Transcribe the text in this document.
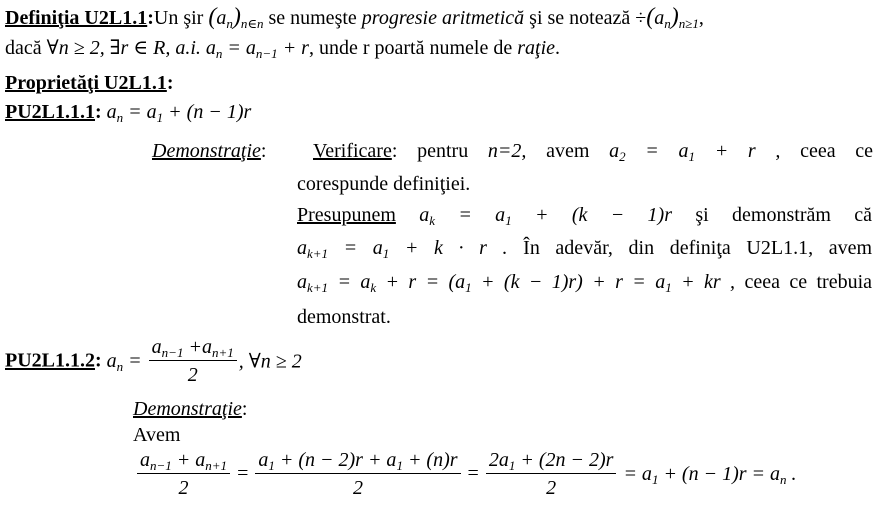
Definiţia U2L1.1:Un şir $(a_n)_{n\in n}$ se numeşte progresie aritmetică şi se notează $\div(a_n)_{n\ge 1}$,
dacă ∀n ≥ 2, ∃r ∈ R, a.i. $a_n = a_{n-1} + r$, unde r poartă numele de raţie.
Proprietăţi U2L1.1:
PU2L1.1.1: $a_n = a_1 + (n - 1)r$
Demonstraţie: Verificare: pentru n=2, avem $a_2 = a_1 + r$ , ceea ce
corespunde definiţiei.
Presupunem $a_k = a_1 + (k - 1)r$ şi demonstrăm că
$a_{k+1} = a_1 + k \cdot r$ . În adevăr, din definiţa U2L1.1, avem
$a_{k+1} = a_k + r = (a_1 + (k - 1)r) + r = a_1$ + kr , ceea ce trebuia
demonstrat.
PU2L1.1.2: $a_n = \frac{a_{n-1} +a_{n+1}}{2}$ , ∀n ≥ 2
Demonstraţie:
Avem
$\frac{a_{n-1} + a_{n+1}}{2} = \frac{a_1 + (n - 2)r + a_1 + (n)r}{2} = \frac{2a_1 + (2n - 2)r}{2} = a_1 + (n - 1)r = a_n$ .
